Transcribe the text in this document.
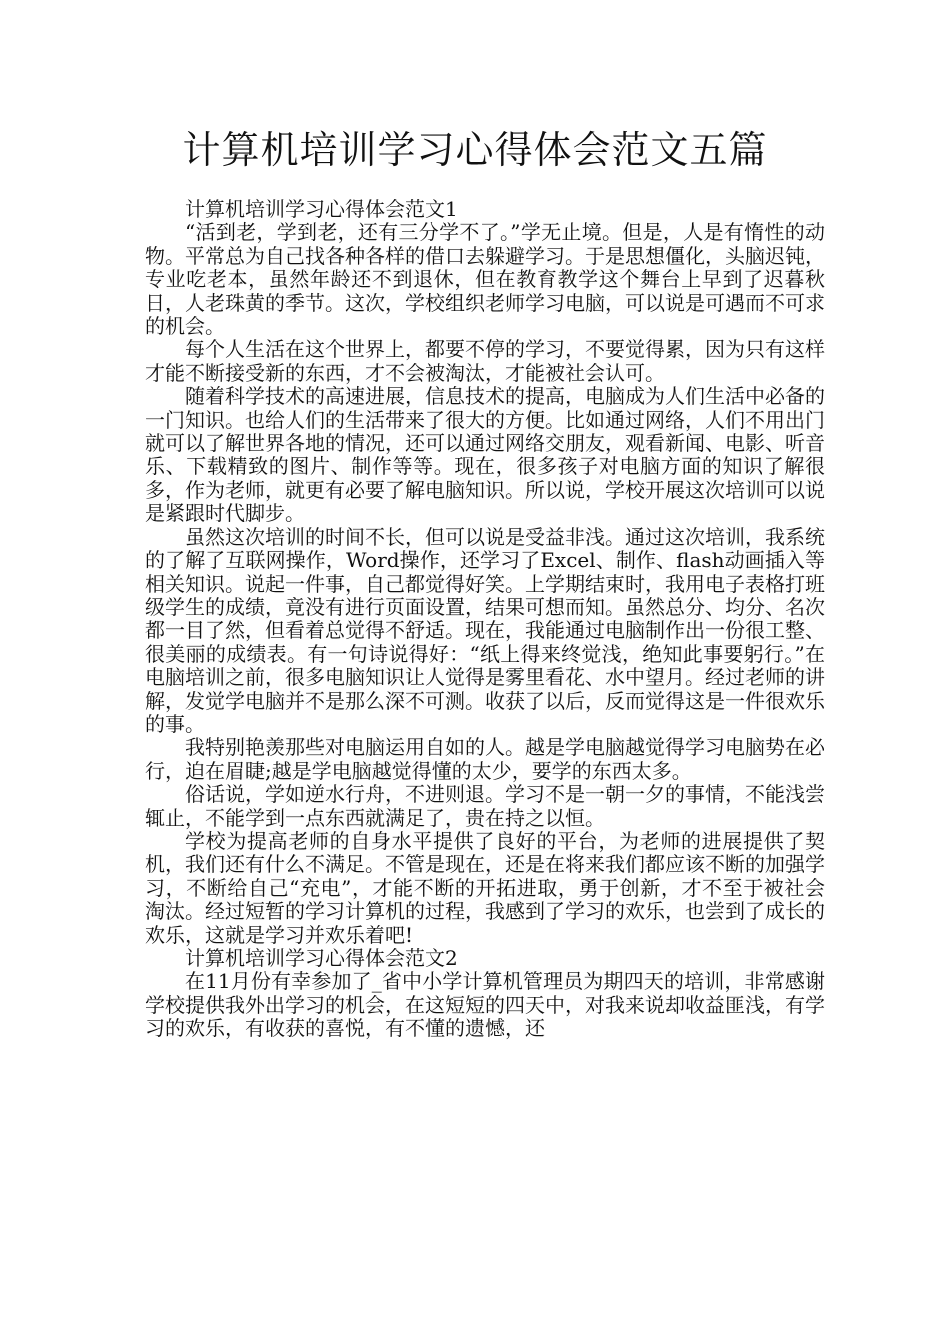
计算机培训学习心得体会范文五篇

计算机培训学习心得体会范文1

“活到老，学到老，还有三分学不了。”学无止境。但是，人是有惰性的动物。平常总为自己找各种各样的借口去躲避学习。于是思想僵化，头脑迟钝，专业吃老本，虽然年龄还不到退休，但在教育教学这个舞台上早到了迟暮秋日，人老珠黄的季节。这次，学校组织老师学习电脑，可以说是可遇而不可求的机会。

每个人生活在这个世界上，都要不停的学习，不要觉得累，因为只有这样才能不断接受新的东西，才不会被淘汰，才能被社会认可。

随着科学技术的高速进展，信息技术的提高，电脑成为人们生活中必备的一门知识。也给人们的生活带来了很大的方便。比如通过网络，人们不用出门就可以了解世界各地的情况，还可以通过网络交朋友，观看新闻、电影、听音乐、下载精致的图片、制作等等。现在，很多孩子对电脑方面的知识了解很多，作为老师，就更有必要了解电脑知识。所以说，学校开展这次培训可以说是紧跟时代脚步。

虽然这次培训的时间不长，但可以说是受益非浅。通过这次培训，我系统的了解了互联网操作，Word操作，还学习了Excel、制作、flash动画插入等相关知识。说起一件事，自己都觉得好笑。上学期结束时，我用电子表格打班级学生的成绩，竟没有进行页面设置，结果可想而知。虽然总分、均分、名次都一目了然，但看着总觉得不舒适。现在，我能通过电脑制作出一份很工整、很美丽的成绩表。有一句诗说得好：“纸上得来终觉浅，绝知此事要躬行。”在电脑培训之前，很多电脑知识让人觉得是雾里看花、水中望月。经过老师的讲解，发觉学电脑并不是那么深不可测。收获了以后，反而觉得这是一件很欢乐的事。

我特别艳羡那些对电脑运用自如的人。越是学电脑越觉得学习电脑势在必行，迫在眉睫;越是学电脑越觉得懂的太少，要学的东西太多。

俗话说，学如逆水行舟，不进则退。学习不是一朝一夕的事情，不能浅尝辄止，不能学到一点东西就满足了，贵在持之以恒。

学校为提高老师的自身水平提供了良好的平台，为老师的进展提供了契机，我们还有什么不满足。不管是现在，还是在将来我们都应该不断的加强学习，不断给自己“充电”，才能不断的开拓进取，勇于创新，才不至于被社会淘汰。经过短暂的学习计算机的过程，我感到了学习的欢乐，也尝到了成长的欢乐，这就是学习并欢乐着吧!

计算机培训学习心得体会范文2

在11月份有幸参加了_省中小学计算机管理员为期四天的培训，非常感谢学校提供我外出学习的机会，在这短短的四天中，对我来说却收益匪浅，有学习的欢乐，有收获的喜悦，有不懂的遗憾，还
